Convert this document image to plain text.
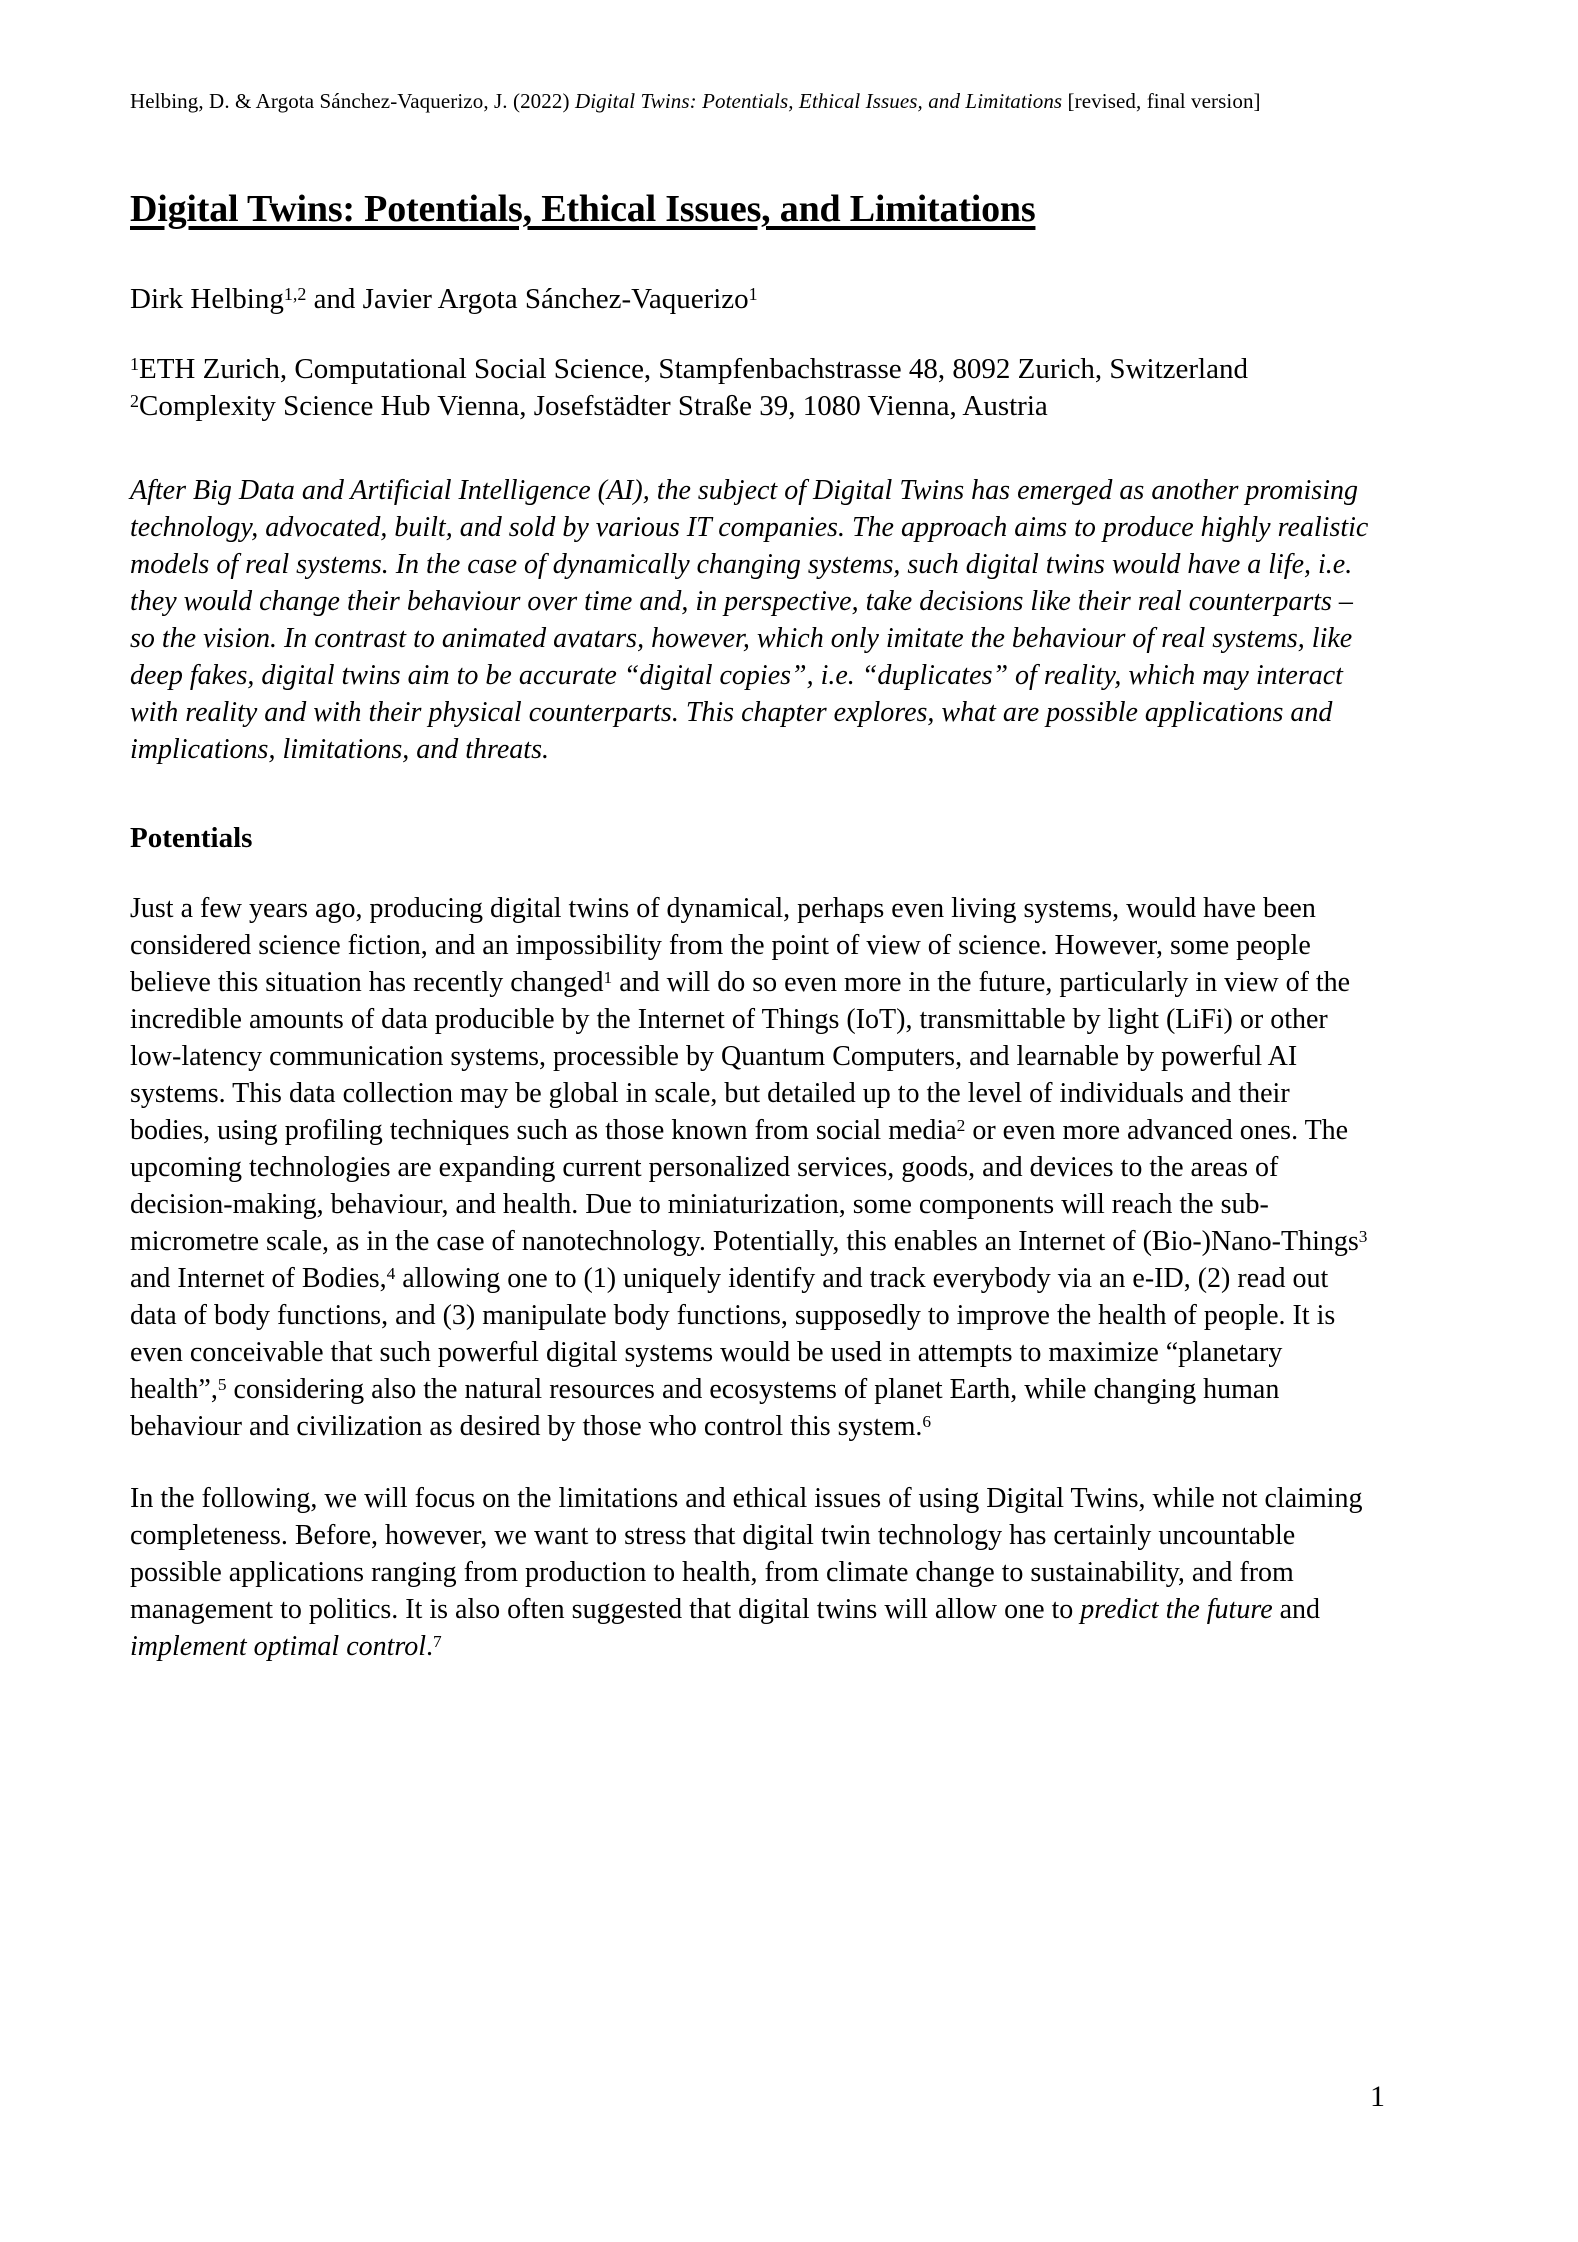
Helbing, D. & Argota Sánchez-Vaquerizo, J. (2022) Digital Twins: Potentials, Ethical Issues, and Limitations [revised, final version]
Digital Twins: Potentials, Ethical Issues, and Limitations

Dirk Helbing$^{1,2}$ and Javier Argota Sánchez-Vaquerizo$^1$

$^1$ETH Zurich, Computational Social Science, Stampfenbachstrasse 48, 8092 Zurich, Switzerland
$^2$Complexity Science Hub Vienna, Josefstädter Straße 39, 1080 Vienna, Austria

After Big Data and Artificial Intelligence (AI), the subject of Digital Twins has emerged as another promising technology, advocated, built, and sold by various IT companies. The approach aims to produce highly realistic models of real systems. In the case of dynamically changing systems, such digital twins would have a life, i.e. they would change their behaviour over time and, in perspective, take decisions like their real counterparts – so the vision. In contrast to animated avatars, however, which only imitate the behaviour of real systems, like deep fakes, digital twins aim to be accurate “digital copies”, i.e. “duplicates” of reality, which may interact with reality and with their physical counterparts. This chapter explores, what are possible applications and implications, limitations, and threats.

Potentials

Just a few years ago, producing digital twins of dynamical, perhaps even living systems, would have been considered science fiction, and an impossibility from the point of view of science. However, some people believe this situation has recently changed$^1$ and will do so even more in the future, particularly in view of the incredible amounts of data producible by the Internet of Things (IoT), transmittable by light (LiFi) or other low-latency communication systems, processible by Quantum Computers, and learnable by powerful AI systems. This data collection may be global in scale, but detailed up to the level of individuals and their bodies, using profiling techniques such as those known from social media$^2$ or even more advanced ones. The upcoming technologies are expanding current personalized services, goods, and devices to the areas of decision-making, behaviour, and health. Due to miniaturization, some components will reach the sub-micrometre scale, as in the case of nanotechnology. Potentially, this enables an Internet of (Bio-)Nano-Things$^3$ and Internet of Bodies,$^4$ allowing one to (1) uniquely identify and track everybody via an e-ID, (2) read out data of body functions, and (3) manipulate body functions, supposedly to improve the health of people. It is even conceivable that such powerful digital systems would be used in attempts to maximize “planetary health”,$^5$ considering also the natural resources and ecosystems of planet Earth, while changing human behaviour and civilization as desired by those who control this system.$^6$

In the following, we will focus on the limitations and ethical issues of using Digital Twins, while not claiming completeness. Before, however, we want to stress that digital twin technology has certainly uncountable possible applications ranging from production to health, from climate change to sustainability, and from management to politics. It is also often suggested that digital twins will allow one to predict the future and implement optimal control.$^7$

1
